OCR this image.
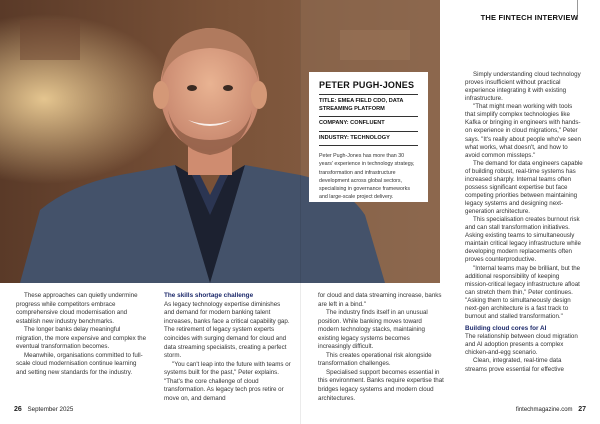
THE FINTECH INTERVIEW
PETER PUGH-JONES
TITLE: EMEA FIELD CDO, DATA STREAMING PLATFORM
COMPANY: CONFLUENT
INDUSTRY: TECHNOLOGY
Peter Pugh-Jones has more than 30 years' experience in technology strategy, transformation and infrastructure development across global sectors, specialising in governance frameworks and large-scale project delivery.

These approaches can quietly undermine progress while competitors embrace comprehensive cloud modernisation and establish new industry benchmarks.

The longer banks delay meaningful migration, the more expensive and complex the eventual transformation becomes.

Meanwhile, organisations committed to full-scale cloud modernisation continue learning and setting new standards for the industry.

The skills shortage challenge

As legacy technology expertise diminishes and demand for modern banking talent increases, banks face a critical capability gap. The retirement of legacy system experts coincides with surging demand for cloud and data streaming specialists, creating a perfect storm.

"You can't leap into the future with teams or systems built for the past," Peter explains. "That's the core challenge of cloud transformation. As legacy tech pros retire or move on, and demand

for cloud and data streaming increase, banks are left in a bind."

The industry finds itself in an unusual position. While banking moves toward modern technology stacks, maintaining existing legacy systems becomes increasingly difficult.

This creates operational risk alongside transformation challenges.

Specialised support becomes essential in this environment. Banks require expertise that bridges legacy systems and modern cloud architectures.

Simply understanding cloud technology proves insufficient without practical experience integrating it with existing infrastructure.

"That might mean working with tools that simplify complex technologies like Kafka or bringing in engineers with hands-on experience in cloud migrations," Peter says. "It's really about people who've seen what works, what doesn't, and how to avoid common missteps."

The demand for data engineers capable of building robust, real-time systems has increased sharply. Internal teams often possess significant expertise but face competing priorities between maintaining legacy systems and designing next-generation architecture.

This specialisation creates burnout risk and can stall transformation initiatives. Asking existing teams to simultaneously maintain critical legacy infrastructure while developing modern replacements often proves counterproductive.

"Internal teams may be brilliant, but the additional responsibility of keeping mission-critical legacy infrastructure afloat can stretch them thin," Peter continues. "Asking them to simultaneously design next-gen architecture is a fast track to burnout and stalled transformation."

Building cloud cores for AI

The relationship between cloud migration and AI adoption presents a complex chicken-and-egg scenario.

Clean, integrated, real-time data streams prove essential for effective

26 September 2025	fintechmagazine.com 27
